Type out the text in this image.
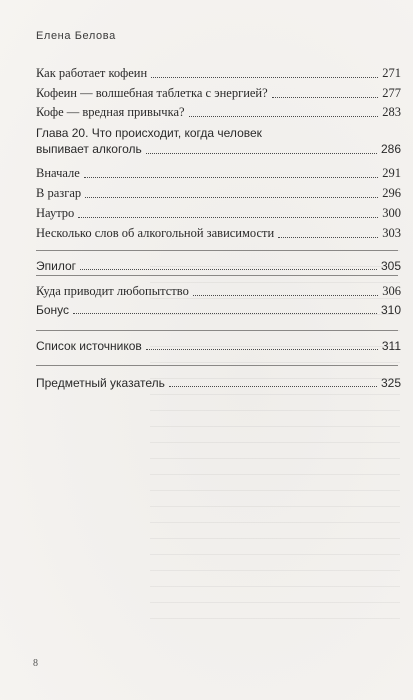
Елена Белова
Как работает кофеин	271
Кофеин — волшебная таблетка с энергией?	277
Кофе — вредная привычка?	283
Глава 20. Что происходит, когда человек
выпивает алкоголь	286
Вначале	291
В разгар	296
Наутро	300
Несколько слов об алкогольной зависимости	303
Эпилог	305
Куда приводит любопытство	306
Бонус	310
Список источников	311
Предметный указатель	325
8
